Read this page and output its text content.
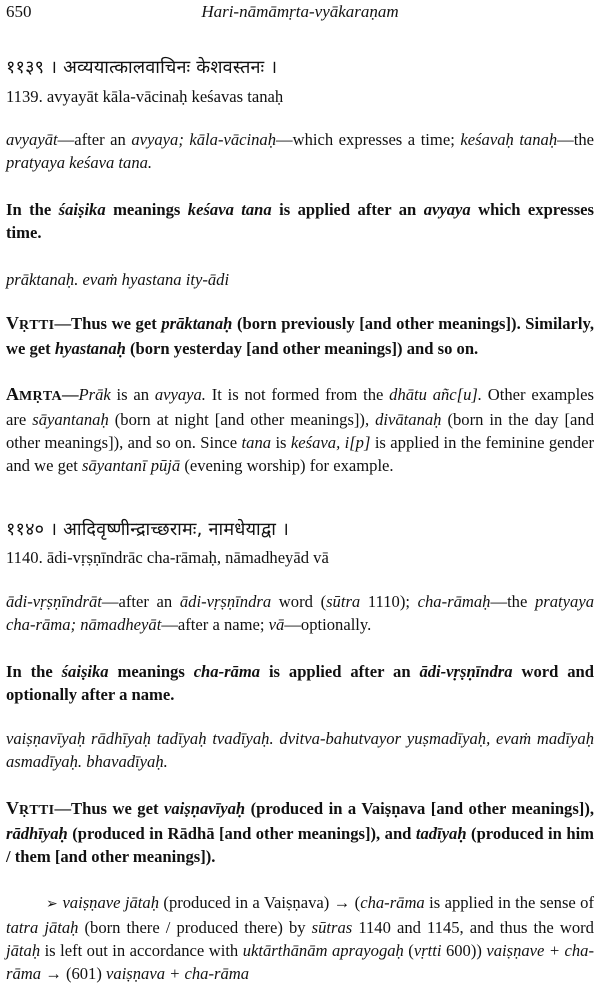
650	Hari-nāmāmṛta-vyākaraṇam

११३९ । अव्ययात्कालवाचिनः केशवस्तनः ।

1139. avyayāt kāla-vācinaḥ keśavas tanaḥ

avyayāt—after an avyaya; kāla-vācinaḥ—which expresses a time; keśavaḥ tanaḥ—the pratyaya keśava tana.

In the śaiṣika meanings keśava tana is applied after an avyaya which expresses time.

prāktanaḥ. evaṁ hyastana ity-ādi

VṚTTI—Thus we get prāktanaḥ (born previously [and other meanings]). Similarly, we get hyastanaḥ (born yesterday [and other meanings]) and so on.

AMṚTA—Prāk is an avyaya. It is not formed from the dhātu añc[u]. Other examples are sāyantanaḥ (born at night [and other meanings]), divātanaḥ (born in the day [and other meanings]), and so on. Since tana is keśava, i[p] is applied in the feminine gender and we get sāyantanī pūjā (evening worship) for example.

११४० । आदिवृष्णीन्द्राच्छरामः, नामधेयाद्वा ।

1140. ādi-vṛṣṇīndrāc cha-rāmaḥ, nāmadheyād vā

ādi-vṛṣṇīndrāt—after an ādi-vṛṣṇīndra word (sūtra 1110); cha-rāmaḥ—the pratyaya cha-rāma; nāmadheyāt—after a name; vā—optionally.

In the śaiṣika meanings cha-rāma is applied after an ādi-vṛṣṇīndra word and optionally after a name.

vaiṣṇavīyaḥ rādhīyaḥ tadīyaḥ tvadīyaḥ. dvitva-bahutvayor yuṣmadīyaḥ, evaṁ madīyaḥ asmadīyaḥ. bhavadīyaḥ.

VṚTTI—Thus we get vaiṣṇavīyaḥ (produced in a Vaiṣṇava [and other meanings]), rādhīyaḥ (produced in Rādhā [and other meanings]), and tadīyaḥ (produced in him / them [and other meanings]).

➢ vaiṣṇave jātaḥ (produced in a Vaiṣṇava) → (cha-rāma is applied in the sense of tatra jātaḥ (born there / produced there) by sūtras 1140 and 1145, and thus the word jātaḥ is left out in accordance with uktārthānām aprayogaḥ (vṛtti 600)) vaiṣṇave + cha-rāma → (601) vaiṣṇava + cha-rāma
